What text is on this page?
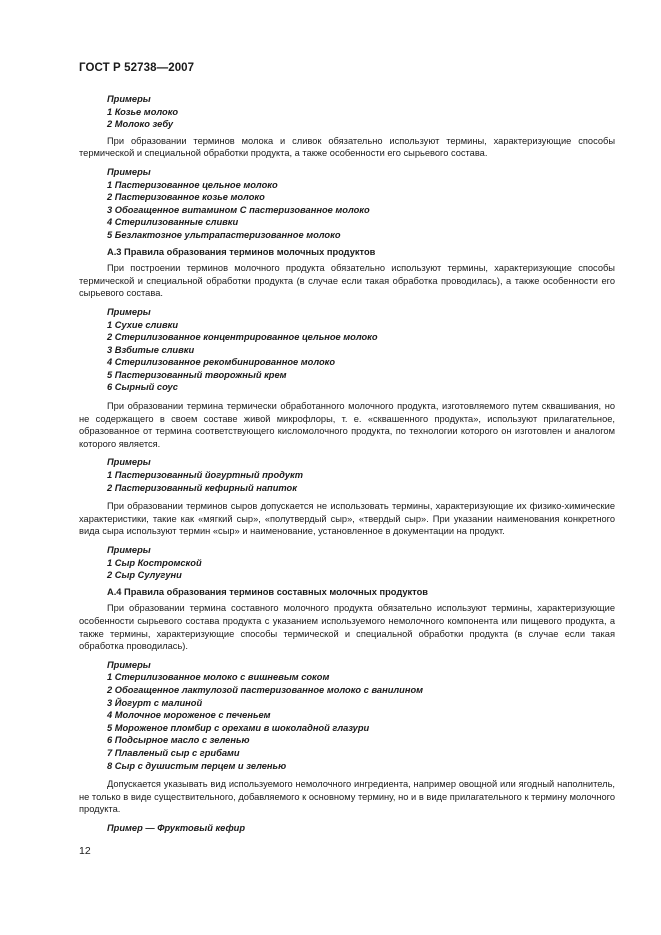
ГОСТ Р 52738—2007
Примеры
1 Козье молоко
2 Молоко зебу

При образовании терминов молока и сливок обязательно используют термины, характеризующие способы термической и специальной обработки продукта, а также особенности его сырьевого состава.

Примеры
1 Пастеризованное цельное молоко
2 Пастеризованное козье молоко
3 Обогащенное витамином С пастеризованное молоко
4 Стерилизованные сливки
5 Безлактозное ультрапастеризованное молоко

А.3 Правила образования терминов молочных продуктов

При построении терминов молочного продукта обязательно используют термины, характеризующие способы термической и специальной обработки продукта (в случае если такая обработка проводилась), а также особенности его сырьевого состава.

Примеры
1 Сухие сливки
2 Стерилизованное концентрированное цельное молоко
3 Взбитые сливки
4 Стерилизованное рекомбинированное молоко
5 Пастеризованный творожный крем
6 Сырный соус

При образовании термина термически обработанного молочного продукта, изготовляемого путем сквашивания, но не содержащего в своем составе живой микрофлоры, т. е. «сквашенного продукта», используют прилагательное, образованное от термина соответствующего кисломолочного продукта, по технологии которого он изготовлен и аналогом которого является.

Примеры
1 Пастеризованный йогуртный продукт
2 Пастеризованный кефирный напиток

При образовании терминов сыров допускается не использовать термины, характеризующие их физико-химические характеристики, такие как «мягкий сыр», «полутвердый сыр», «твердый сыр». При указании наименования конкретного вида сыра используют термин «сыр» и наименование, установленное в документации на продукт.

Примеры
1 Сыр Костромской
2 Сыр Сулугуни

А.4 Правила образования терминов составных молочных продуктов

При образовании термина составного молочного продукта обязательно используют термины, характеризующие особенности сырьевого состава продукта с указанием используемого немолочного компонента или пищевого продукта, а также термины, характеризующие способы термической и специальной обработки продукта (в случае если такая обработка проводилась).

Примеры
1 Стерилизованное молоко с вишневым соком
2 Обогащенное лактулозой пастеризованное молоко с ванилином
3 Йогурт с малиной
4 Молочное мороженое с печеньем
5 Мороженое пломбир с орехами в шоколадной глазури
6 Подсырное масло с зеленью
7 Плавленый сыр с грибами
8 Сыр с душистым перцем и зеленью

Допускается указывать вид используемого немолочного ингредиента, например овощной или ягодный наполнитель, не только в виде существительного, добавляемого к основному термину, но и в виде прилагательного к термину молочного продукта.

Пример — Фруктовый кефир
12
